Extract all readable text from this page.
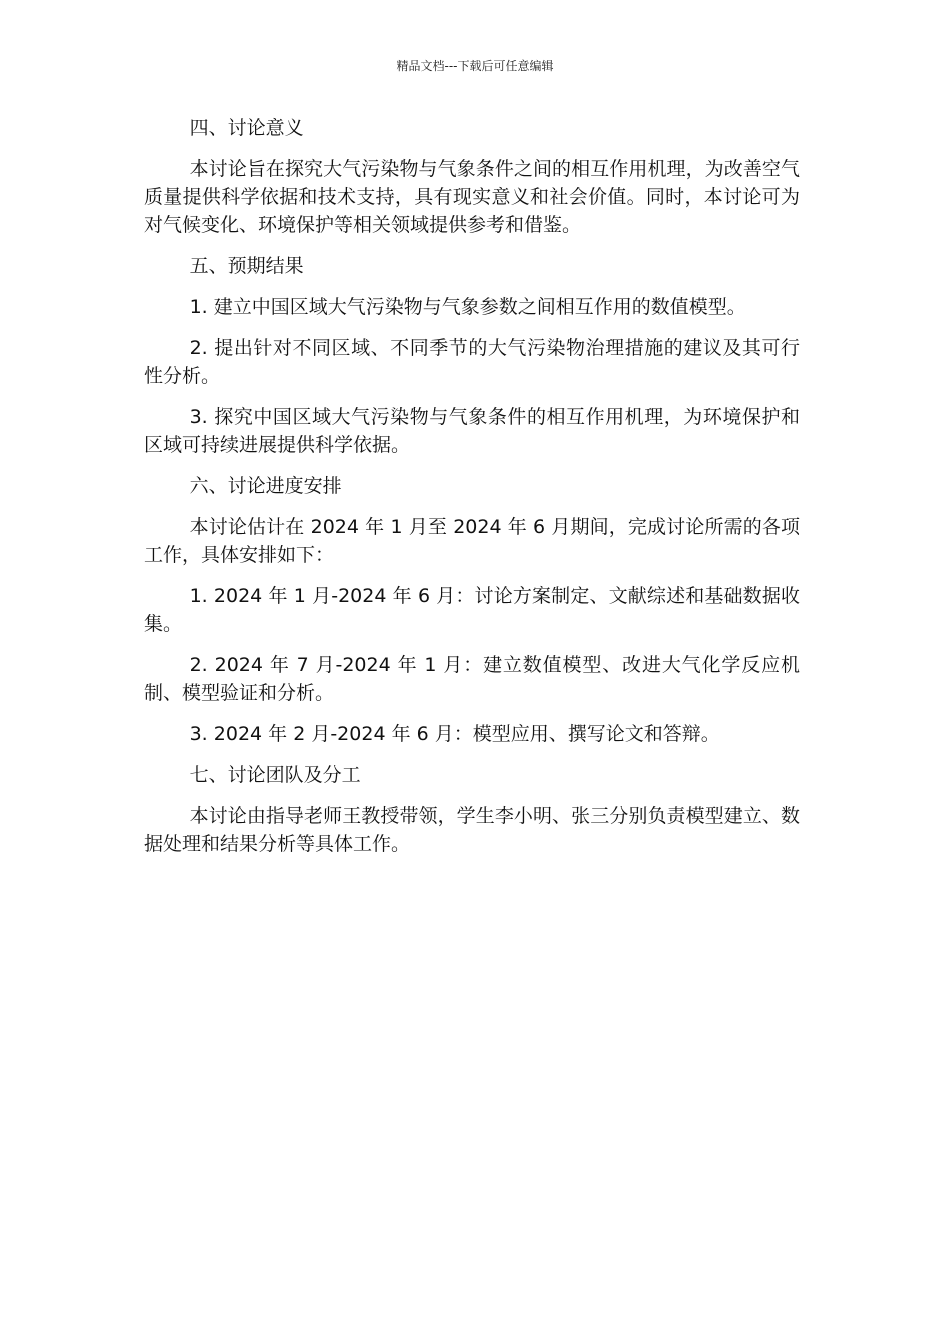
精品文档---下载后可任意编辑

四、讨论意义

本讨论旨在探究大气污染物与气象条件之间的相互作用机理，为改善空气质量提供科学依据和技术支持，具有现实意义和社会价值。同时，本讨论可为对气候变化、环境保护等相关领域提供参考和借鉴。

五、预期结果

1. 建立中国区域大气污染物与气象参数之间相互作用的数值模型。

2. 提出针对不同区域、不同季节的大气污染物治理措施的建议及其可行性分析。

3. 探究中国区域大气污染物与气象条件的相互作用机理，为环境保护和区域可持续进展提供科学依据。

六、讨论进度安排

本讨论估计在 2024 年 1 月至 2024 年 6 月期间，完成讨论所需的各项工作，具体安排如下：

1. 2024 年 1 月-2024 年 6 月：讨论方案制定、文献综述和基础数据收集。

2. 2024 年 7 月-2024 年 1 月：建立数值模型、改进大气化学反应机制、模型验证和分析。

3. 2024 年 2 月-2024 年 6 月：模型应用、撰写论文和答辩。

七、讨论团队及分工

本讨论由指导老师王教授带领，学生李小明、张三分别负责模型建立、数据处理和结果分析等具体工作。
